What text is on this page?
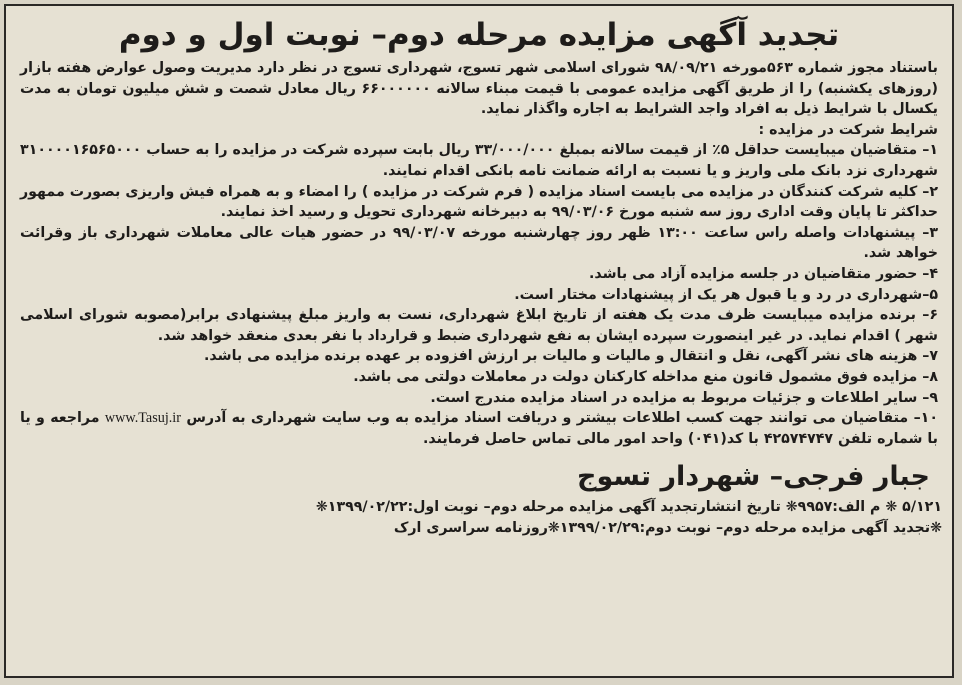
تجدید آگهی مزایده مرحله دوم– نوبت اول و دوم
باستناد مجوز شماره ۵۶۳مورخه ۹۸/۰۹/۲۱ شورای اسلامی شهر تسوج، شهرداری تسوج در نظر دارد مدیریت وصول عوارض هفته بازار (روزهای یکشنبه) را از طریق آگهی مزایده عمومی با قیمت مبناء سالانه ۶۶۰۰۰۰۰۰ ریال معادل شصت و شش میلیون تومان به مدت یکسال با شرایط ذیل به افراد واجد الشرایط به اجاره واگذار نماید.
شرایط شرکت در مزایده :
۱– متقاضیان میبایست حداقل ۵٪ از قیمت سالانه بمبلغ ۳۳/۰۰۰/۰۰۰ ریال بابت سپرده شرکت در مزایده را به حساب ۳۱۰۰۰۰۱۶۵۶۵۰۰۰ شهرداری نزد بانک ملی واریز و یا نسبت به ارائه ضمانت نامه بانکی اقدام نمایند.
۲– کلیه شرکت کنندگان در مزایده می بایست اسناد مزایده ( فرم شرکت در مزایده ) را امضاء و به همراه فیش واریزی بصورت ممهور حداکثر تا پایان وقت اداری روز سه شنبه مورخ ۹۹/۰۳/۰۶ به دبیرخانه شهرداری تحویل و رسید اخذ نمایند.
۳– پیشنهادات واصله راس ساعت ۱۳:۰۰ ظهر روز چهارشنبه مورخه ۹۹/۰۳/۰۷ در حضور هیات عالی معاملات شهرداری باز وقرائت خواهد شد.
۴– حضور متقاضیان در جلسه مزایده آزاد می باشد.
۵–شهرداری در رد و یا قبول هر یک از پیشنهادات مختار است.
۶– برنده مزایده میبایست ظرف مدت یک هفته از تاریخ ابلاغ شهرداری، نست به واریز مبلغ پیشنهادی برابر(مصوبه شورای اسلامی شهر ) اقدام نماید. در غیر اینصورت سپرده ایشان به نفع شهرداری ضبط و قرارداد با نفر بعدی منعقد خواهد شد.
۷– هزینه های نشر آگهی، نقل و انتقال و مالیات و مالیات بر ارزش افزوده بر عهده برنده مزایده می باشد.
۸– مزایده فوق مشمول قانون منع مداخله کارکنان دولت در معاملات دولتی می باشد.
۹– سایر اطلاعات و جزئیات مربوط به مزایده در اسناد مزایده مندرج است.
۱۰– متقاضیان می توانند جهت کسب اطلاعات بیشتر و دریافت اسناد مزایده به وب سایت شهرداری به آدرس www.Tasuj.ir مراجعه و یا با شماره تلفن ۴۲۵۷۴۷۴۷ با کد(۰۴۱) واحد امور مالی تماس حاصل فرمایند.
جبار فرجی– شهردار تسوج
۵/۱۲۱ ❋ م الف:۹۹۵۷❋ تاریخ انتشارتجدید آگهی مزایده مرحله دوم– نوبت اول:۱۳۹۹/۰۲/۲۲❋
❋تجدید آگهی مزایده مرحله دوم– نوبت دوم:۱۳۹۹/۰۲/۲۹❋روزنامه سراسری ارک
